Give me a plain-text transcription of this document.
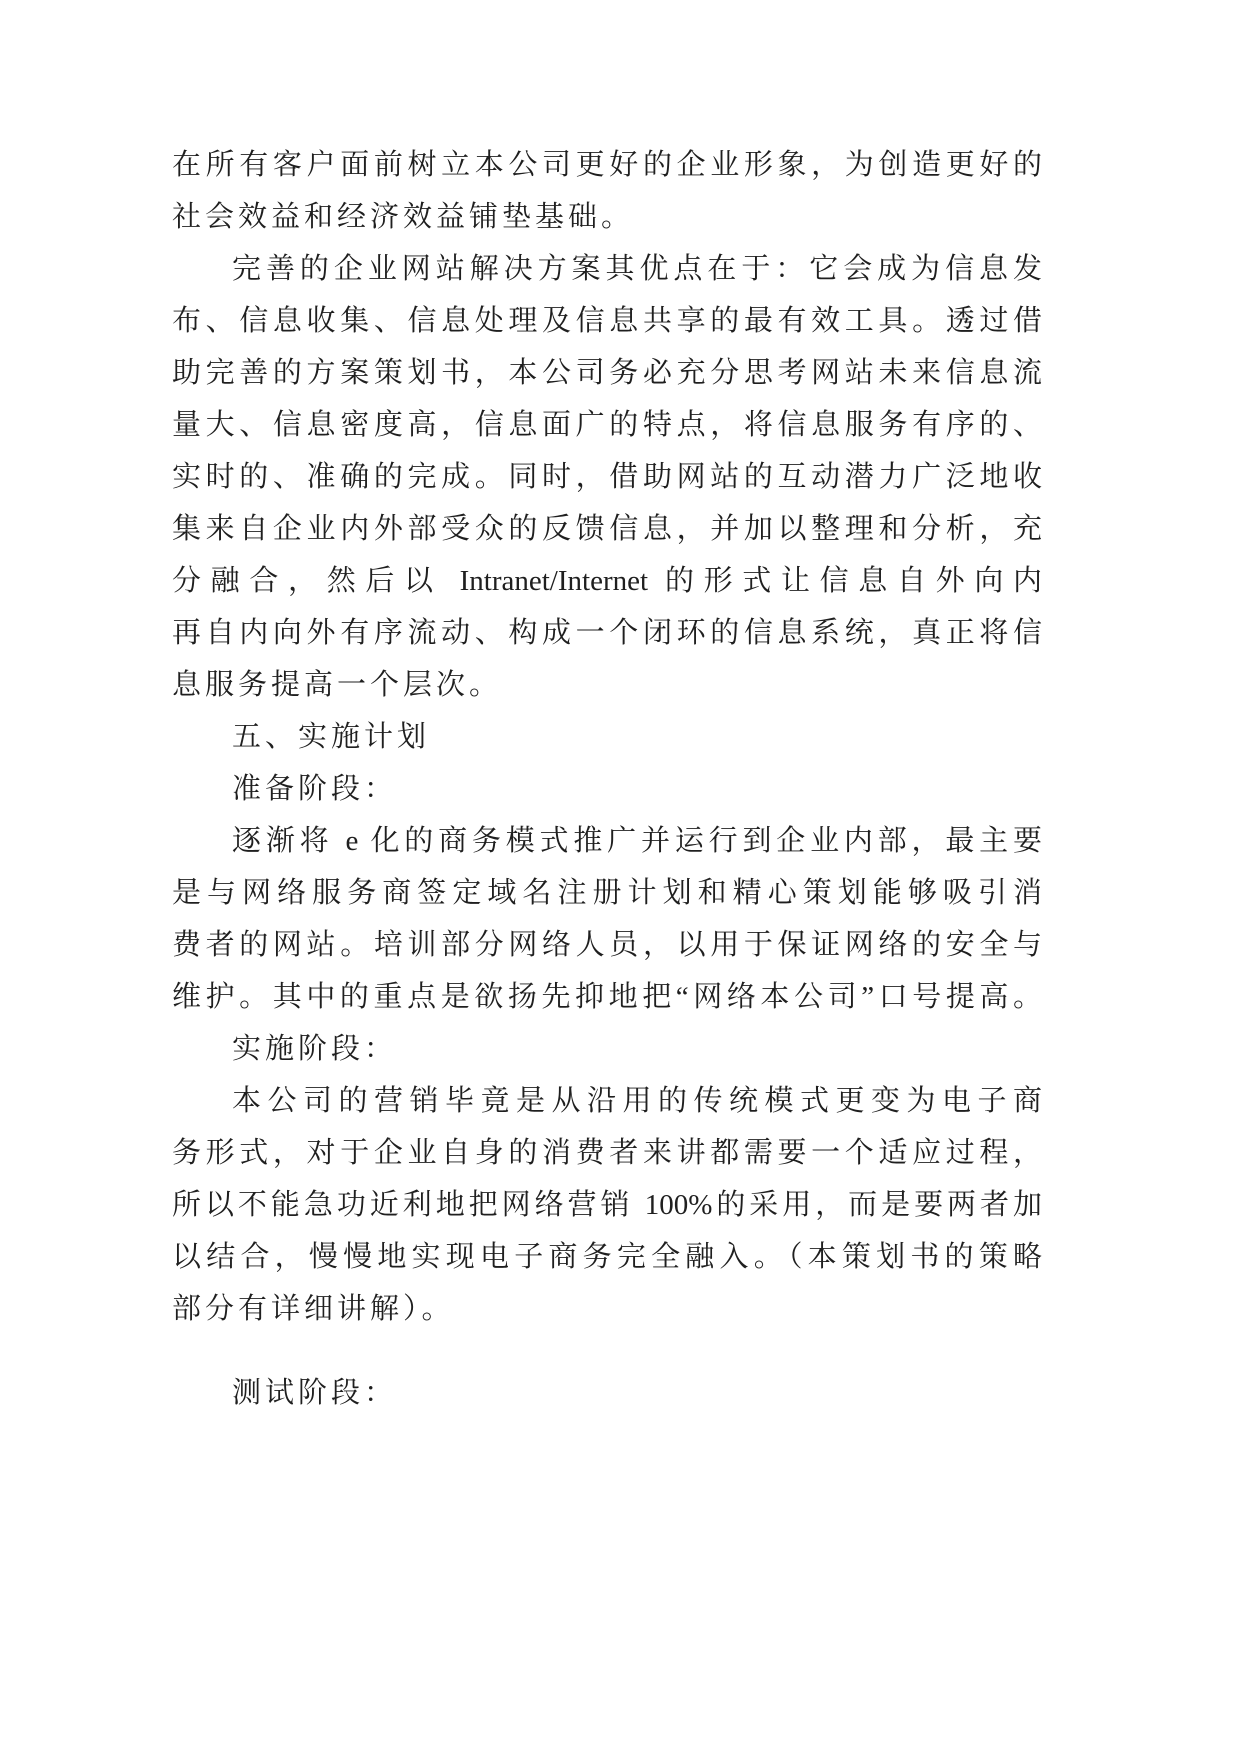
在所有客户面前树立本公司更好的企业形象，为创造更好的
社会效益和经济效益铺垫基础。
完善的企业网站解决方案其优点在于：它会成为信息发
布、信息收集、信息处理及信息共享的最有效工具。透过借
助完善的方案策划书，本公司务必充分思考网站未来信息流
量大、信息密度高，信息面广的特点，将信息服务有序的、
实时的、准确的完成。同时，借助网站的互动潜力广泛地收
集来自企业内外部受众的反馈信息，并加以整理和分析，充
分融合，然后以 Intranet/Internet 的形式让信息自外向内
再自内向外有序流动、构成一个闭环的信息系统，真正将信
息服务提高一个层次。
五、实施计划
准备阶段：
逐渐将 e 化的商务模式推广并运行到企业内部，最主要
是与网络服务商签定域名注册计划和精心策划能够吸引消
费者的网站。培训部分网络人员，以用于保证网络的安全与
维护。其中的重点是欲扬先抑地把“网络本公司”口号提高。
实施阶段：
本公司的营销毕竟是从沿用的传统模式更变为电子商
务形式，对于企业自身的消费者来讲都需要一个适应过程，
所以不能急功近利地把网络营销 100%的采用，而是要两者加
以结合，慢慢地实现电子商务完全融入。（本策划书的策略
部分有详细讲解）。
测试阶段：
